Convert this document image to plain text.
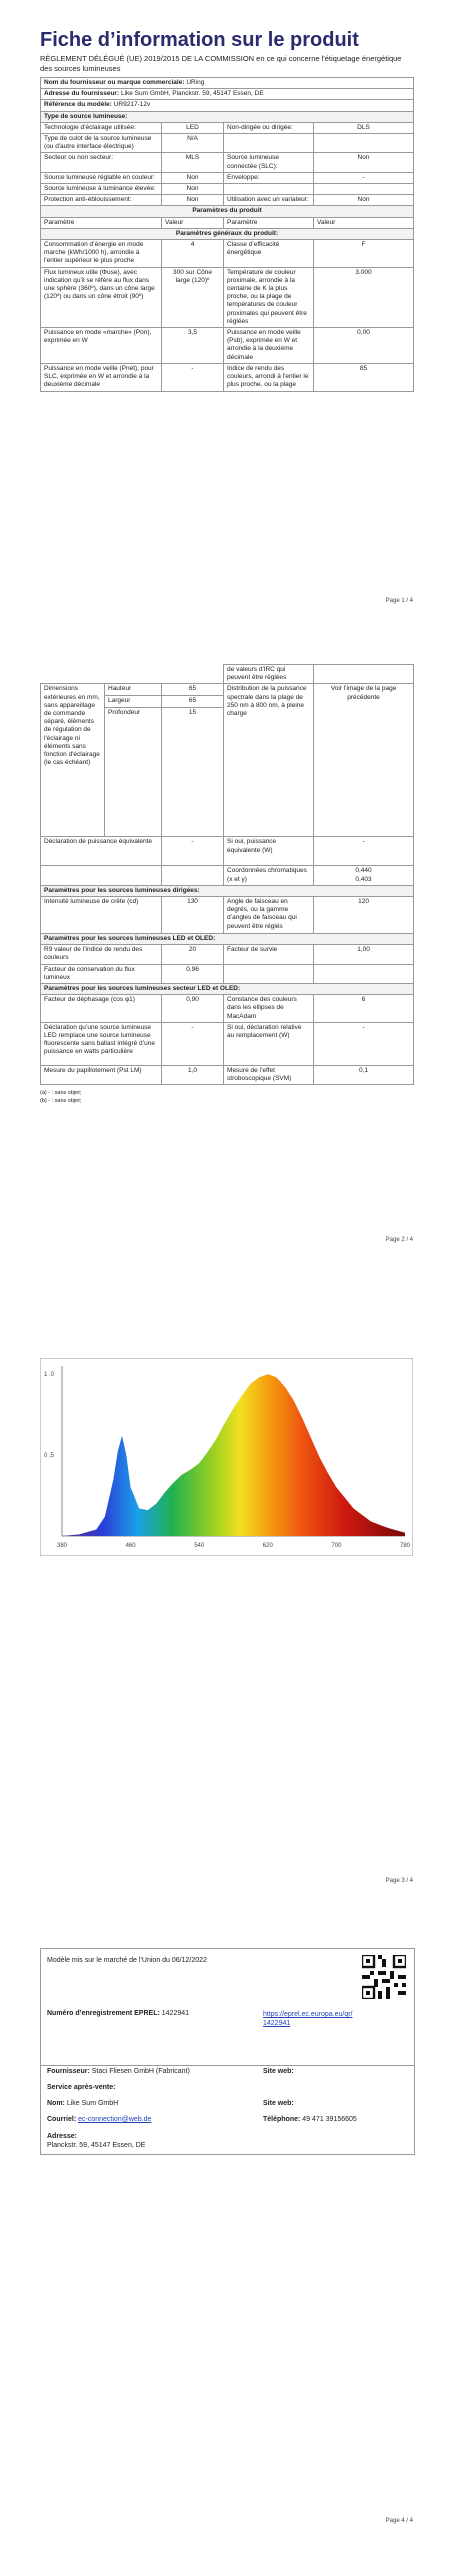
Fiche d’information sur le produit
RÈGLEMENT DÉLÉGUÉ (UE) 2019/2015 DE LA COMMISSION en ce qui concerne l'étiquetage énergétique des sources lumineuses
Nom du fournisseur ou marque commerciale: URing			
Adresse du fournisseur: Like Sum GmbH, Planckstr. 59, 45147 Essen, DE			
Référence du modèle: UR9217-12v			
Type de source lumineuse:			
Technologie d’éclairage utilisée:	LED	Non-dirigée ou dirigée:	DLS
Type de culot de la source lumineuse (ou d'autre interface électrique)	N/A		
Secteur ou non secteur:	MLS	Source lumineuse connectée (SLC):	Non
Source lumineuse réglable en couleur:	Non	Enveloppe:	-
Source lumineuse à luminance élevée:	Non		
Protection anti-éblouissement:	Non	Utilisation avec un variateur:	Non
Paramètres du produit			
Paramètre	Valeur	Paramètre	Valeur
Paramètres généraux du produit:			
Consommation d’énergie en mode marche (kWh/1000 h), arrondie à l'entier supérieur le plus proche	4	Classe d’efficacité énergétique	F
Flux lumineux utile (Φuse), avec indication qu'il se réfère au flux dans une sphère (360º), dans un cône large (120º) ou dans un cône étroit (90º)	300 sur Cône large (120)º	Température de couleur proximale, arrondie à la centaine de K la plus proche, ou la plage de températures de couleur proximales qui peuvent être réglées	3.000
Puissance en mode «marche» (Pon), exprimée en W	3,5	Puissance en mode veille (Psb), exprimée en W et arrondie à la deuxième décimale	0,00
Puissance en mode veille (Pnet), pour SLC, exprimée en W et arrondie à la deuxième décimale	-	Indice de rendu des couleurs, arrondi à l'entier le plus proche, ou la plage	85
Page 1 / 4
			de valeurs d'IRC qui peuvent être réglées	
Dimensions extérieures en mm, sans appareillage de commande séparé, éléments de régulation de l'éclairage ni éléments sans fonction d'éclairage (le cas échéant)	Hauteur	65	Distribution de la puissance spectrale dans la plage de 250 nm à 800 nm, à pleine charge	Voir l'image de la page précédente
	Largeur	65		
	Profondeur	15		
Déclaration de puissance équivalente		-	Si oui, puissance équivalente (W)	-
			Coordonnées chromatiques (x et y)	0,440
0,403
Paramètres pour les sources lumineuses dirigées:				
Intensité lumineuse de crête (cd)		130	Angle de faisceau en degrés, ou la gamme d’angles de faisceau qui peuvent être réglés	120
Paramètres pour les sources lumineuses LED et OLED:				
R9 valeur de l’indice de rendu des couleurs		20	Facteur de survie	1,00
Facteur de conservation du flux lumineux		0,96		
Paramètres pour les sources lumineuses secteur LED et OLED:				
Facteur de déphasage (cos φ1)		0,90	Constance des couleurs dans les ellipses de MacAdam	6
Déclaration qu’une source lumineuse LED remplace une source lumineuse fluorescente sans ballast intégré d’une puissance en watts particulière		-	Si oui, déclaration relative au remplacement (W)	-
Mesure du papillotement (Pst LM)		1,0	Mesure de l’effet stroboscopique (SVM)	0,1
(a) - : sans objet;
(b) - : sans objet;
Page 2 / 4
380	460	540	620	700	780
1 .0
0 .5
Page 3 / 4
Modèle mis sur le marché de l’Union du 06/12/2022
Numéro d’enregistrement EPREL: 1422941	https://eprel.ec.europa.eu/qr/1422941
Fournisseur: Staci Fliesen GmbH (Fabricant)	Site web:
Service après-vente:
Nom: Like Sum GmbH	Site web:
Courriel: ec-connection@web.de	Téléphone: 49 471 39156605
Adresse:
Planckstr. 59, 45147 Essen, DE
Page 4 / 4
